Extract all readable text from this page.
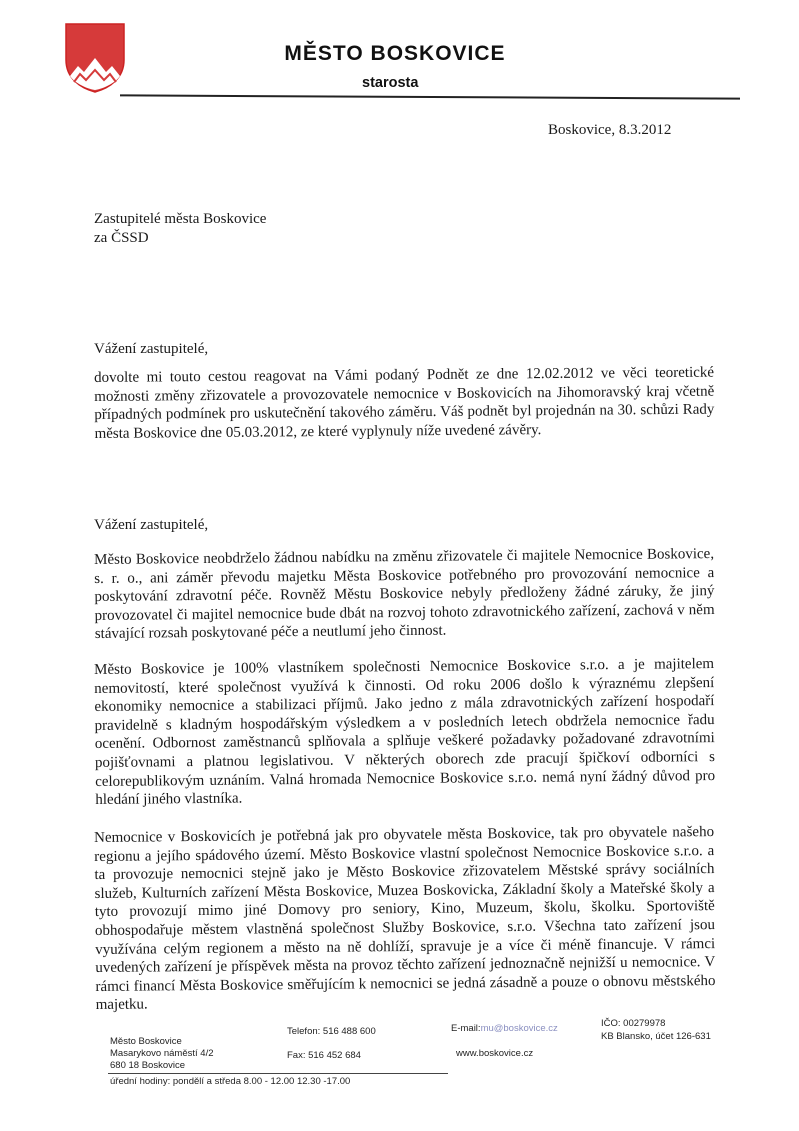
MĚSTO BOSKOVICE
starosta
Boskovice, 8.3.2012
Zastupitelé města Boskovice
za ČSSD
Vážení zastupitelé,

dovolte mi touto cestou reagovat na Vámi podaný Podnět ze dne 12.02.2012 ve věci teoretické možnosti změny zřizovatele a provozovatele nemocnice v Boskovicích na Jihomoravský kraj včetně případných podmínek pro uskutečnění takového záměru. Váš podnět byl projednán na 30. schůzi Rady města Boskovice dne 05.03.2012, ze které vyplynuly níže uvedené závěry.

Vážení zastupitelé,

Město Boskovice neobdrželo žádnou nabídku na změnu zřizovatele či majitele Nemocnice Boskovice, s. r. o., ani záměr převodu majetku Města Boskovice potřebného pro provozování nemocnice a poskytování zdravotní péče. Rovněž Městu Boskovice nebyly předloženy žádné záruky, že jiný provozovatel či majitel nemocnice bude dbát na rozvoj tohoto zdravotnického zařízení, zachová v něm stávající rozsah poskytované péče a neutlumí jeho činnost.

Město Boskovice je 100% vlastníkem společnosti Nemocnice Boskovice s.r.o. a je majitelem nemovitostí, které společnost využívá k činnosti. Od roku 2006 došlo k výraznému zlepšení ekonomiky nemocnice a stabilizaci příjmů. Jako jedno z mála zdravotnických zařízení hospodaří pravidelně s kladným hospodářským výsledkem a v posledních letech obdržela nemocnice řadu ocenění. Odbornost zaměstnanců splňovala a splňuje veškeré požadavky požadované zdravotními pojišťovnami a platnou legislativou. V některých oborech zde pracují špičkoví odborníci s celorepublikovým uznáním. Valná hromada Nemocnice Boskovice s.r.o. nemá nyní žádný důvod pro hledání jiného vlastníka.

Nemocnice v Boskovicích je potřebná jak pro obyvatele města Boskovice, tak pro obyvatele našeho regionu a jejího spádového území. Město Boskovice vlastní společnost Nemocnice Boskovice s.r.o. a ta provozuje nemocnici stejně jako je Město Boskovice zřizovatelem Městské správy sociálních služeb, Kulturních zařízení Města Boskovice, Muzea Boskovicka, Základní školy a Mateřské školy a tyto provozují mimo jiné Domovy pro seniory, Kino, Muzeum, školu, školku. Sportoviště obhospodařuje městem vlastněná společnost Služby Boskovice, s.r.o. Všechna tato zařízení jsou využívána celým regionem a město na ně dohlíží, spravuje je a více či méně financuje. V rámci uvedených zařízení je příspěvek města na provoz těchto zařízení jednoznačně nejnižší u nemocnice. V rámci financí Města Boskovice směřujícím k nemocnici se jedná zásadně a pouze o obnovu městského majetku.

Město Boskovice
Masarykovo náměstí 4/2
680 18 Boskovice
Telefon: 516 488 600
Fax: 516 452 684
E-mail:mu@boskovice.cz
www.boskovice.cz
IČO: 00279978
KB Blansko, účet 126-631
úřední hodiny: pondělí a středa 8.00 - 12.00 12.30 -17.00
